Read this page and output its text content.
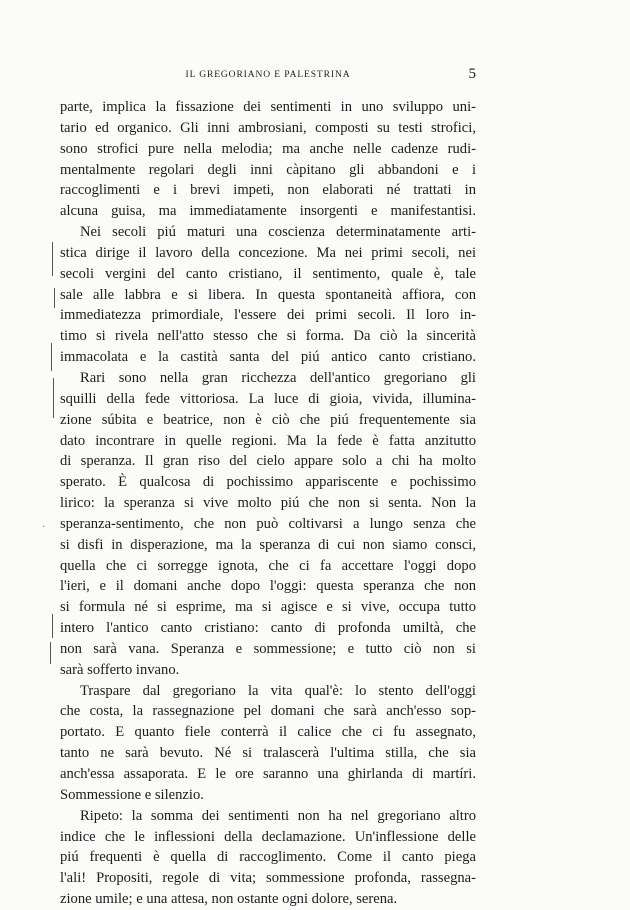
IL GREGORIANO E PALESTRINA	5
parte, implica la fissazione dei sentimenti in uno sviluppo uni-
tario ed organico. Gli inni ambrosiani, composti su testi strofici,
sono strofici pure nella melodia; ma anche nelle cadenze rudi-
mentalmente regolari degli inni càpitano gli abbandoni e i
raccoglimenti e i brevi impeti, non elaborati né trattati in
alcuna guisa, ma immediatamente insorgenti e manifestantisi.
Nei secoli piú maturi una coscienza determinatamente arti-
stica dirige il lavoro della concezione. Ma nei primi secoli, nei
secoli vergini del canto cristiano, il sentimento, quale è, tale
sale alle labbra e si libera. In questa spontaneità affiora, con
immediatezza primordiale, l'essere dei primi secoli. Il loro in-
timo si rivela nell'atto stesso che si forma. Da ciò la sincerità
immacolata e la castità santa del piú antico canto cristiano.
Rari sono nella gran ricchezza dell'antico gregoriano gli
squilli della fede vittoriosa. La luce di gioia, vivida, illumina-
zione súbita e beatrice, non è ciò che piú frequentemente sia
dato incontrare in quelle regioni. Ma la fede è fatta anzitutto
di speranza. Il gran riso del cielo appare solo a chi ha molto
sperato. È qualcosa di pochissimo appariscente e pochissimo
lirico: la speranza si vive molto piú che non si senta. Non la
speranza-sentimento, che non può coltivarsi a lungo senza che
si disfi in disperazione, ma la speranza di cui non siamo consci,
quella che ci sorregge ignota, che ci fa accettare l'oggi dopo
l'ieri, e il domani anche dopo l'oggi: questa speranza che non
si formula né si esprime, ma si agisce e si vive, occupa tutto
intero l'antico canto cristiano: canto di profonda umiltà, che
non sarà vana. Speranza e sommessione; e tutto ciò non si
sarà sofferto invano.
Traspare dal gregoriano la vita qual'è: lo stento dell'oggi
che costa, la rassegnazione pel domani che sarà anch'esso sop-
portato. E quanto fiele conterrà il calice che ci fu assegnato,
tanto ne sarà bevuto. Né si tralascerà l'ultima stilla, che sia
anch'essa assaporata. E le ore saranno una ghirlanda di martíri.
Sommessione e silenzio.
Ripeto: la somma dei sentimenti non ha nel gregoriano altro
indice che le inflessioni della declamazione. Un'inflessione delle
piú frequenti è quella di raccoglimento. Come il canto piega
l'ali! Propositi, regole di vita; sommessione profonda, rassegna-
zione umile; e una attesa, non ostante ogni dolore, serena.
·
